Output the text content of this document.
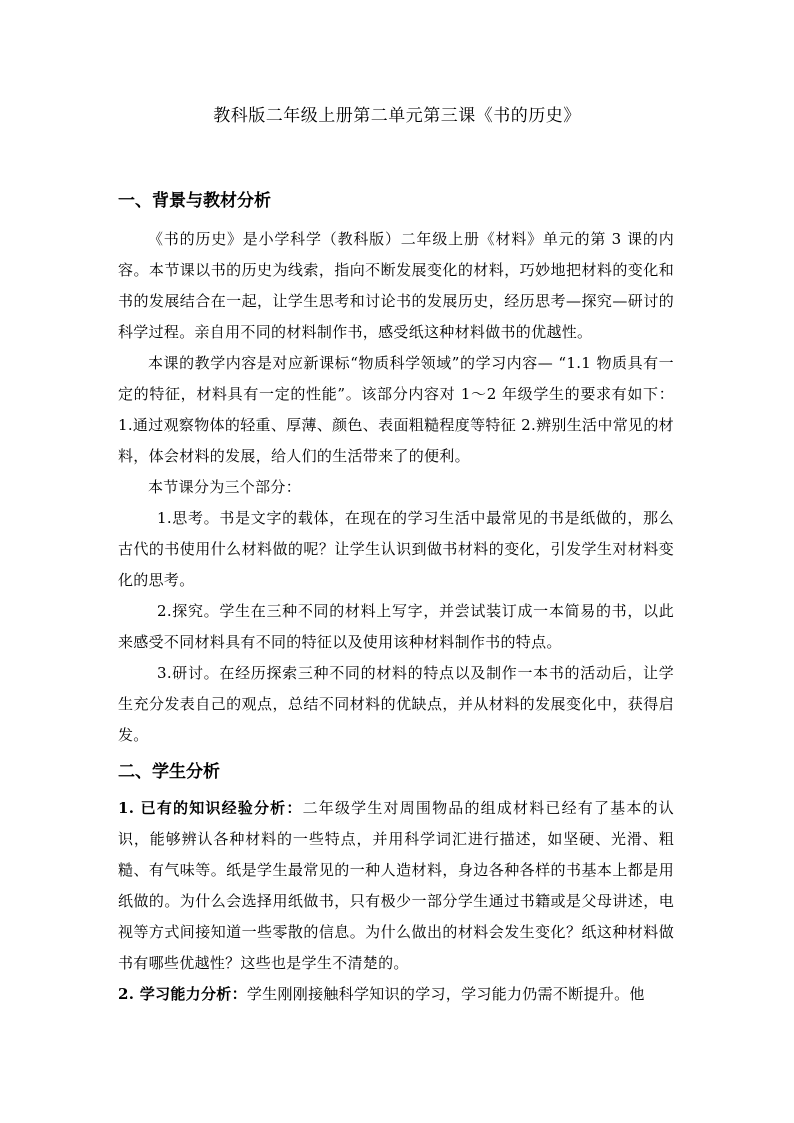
教科版二年级上册第二单元第三课《书的历史》
一、背景与教材分析

《书的历史》是小学科学（教科版）二年级上册《材料》单元的第 3 课的内容。本节课以书的历史为线索，指向不断发展变化的材料，巧妙地把材料的变化和书的发展结合在一起，让学生思考和讨论书的发展历史，经历思考—探究—研讨的科学过程。亲自用不同的材料制作书，感受纸这种材料做书的优越性。

本课的教学内容是对应新课标“物质科学领域”的学习内容— “1.1 物质具有一定的特征，材料具有一定的性能”。该部分内容对 1～2 年级学生的要求有如下：1.通过观察物体的轻重、厚薄、颜色、表面粗糙程度等特征 2.辨别生活中常见的材料，体会材料的发展，给人们的生活带来了的便利。

本节课分为三个部分：

1.思考。书是文字的载体，在现在的学习生活中最常见的书是纸做的，那么古代的书使用什么材料做的呢？让学生认识到做书材料的变化，引发学生对材料变化的思考。

2.探究。学生在三种不同的材料上写字，并尝试装订成一本简易的书，以此来感受不同材料具有不同的特征以及使用该种材料制作书的特点。

3.研讨。在经历探索三种不同的材料的特点以及制作一本书的活动后，让学生充分发表自己的观点，总结不同材料的优缺点，并从材料的发展变化中，获得启发。

二、学生分析

1. 已有的知识经验分析：二年级学生对周围物品的组成材料已经有了基本的认识，能够辨认各种材料的一些特点，并用科学词汇进行描述，如坚硬、光滑、粗糙、有气味等。纸是学生最常见的一种人造材料，身边各种各样的书基本上都是用纸做的。为什么会选择用纸做书，只有极少一部分学生通过书籍或是父母讲述，电视等方式间接知道一些零散的信息。为什么做出的材料会发生变化？纸这种材料做书有哪些优越性？这些也是学生不清楚的。

2. 学习能力分析：学生刚刚接触科学知识的学习，学习能力仍需不断提升。他
